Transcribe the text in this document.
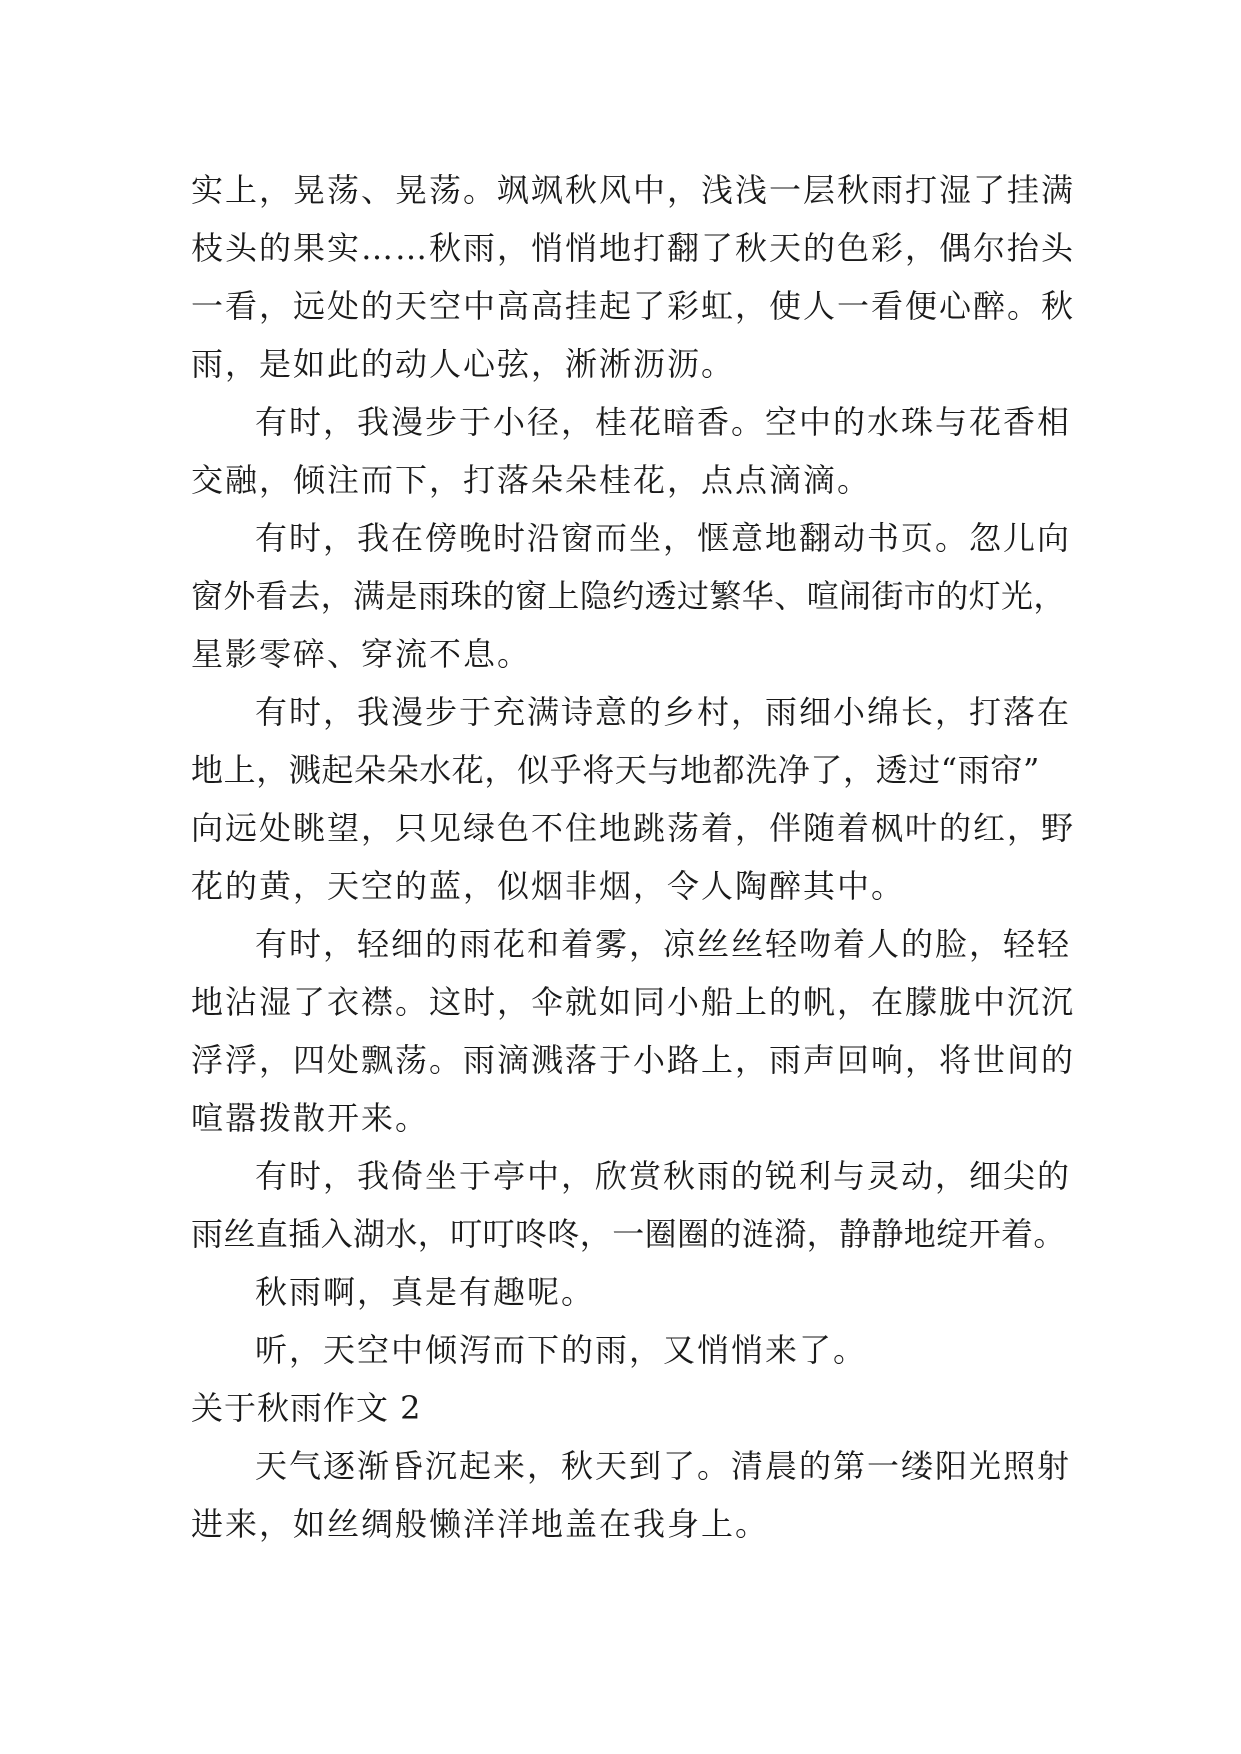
实上，晃荡、晃荡。飒飒秋风中，浅浅一层秋雨打湿了挂满
枝头的果实……秋雨，悄悄地打翻了秋天的色彩，偶尔抬头
一看，远处的天空中高高挂起了彩虹，使人一看便心醉。秋
雨，是如此的动人心弦，淅淅沥沥。
有时，我漫步于小径，桂花暗香。空中的水珠与花香相
交融，倾注而下，打落朵朵桂花，点点滴滴。
有时，我在傍晚时沿窗而坐，惬意地翻动书页。忽儿向
窗外看去，满是雨珠的窗上隐约透过繁华、喧闹街市的灯光，
星影零碎、穿流不息。
有时，我漫步于充满诗意的乡村，雨细小绵长，打落在
地上，溅起朵朵水花，似乎将天与地都洗净了，透过“雨帘”
向远处眺望，只见绿色不住地跳荡着，伴随着枫叶的红，野
花的黄，天空的蓝，似烟非烟，令人陶醉其中。
有时，轻细的雨花和着雾，凉丝丝轻吻着人的脸，轻轻
地沾湿了衣襟。这时，伞就如同小船上的帆，在朦胧中沉沉
浮浮，四处飘荡。雨滴溅落于小路上，雨声回响，将世间的
喧嚣拨散开来。
有时，我倚坐于亭中，欣赏秋雨的锐利与灵动，细尖的
雨丝直插入湖水，叮叮咚咚，一圈圈的涟漪，静静地绽开着。
秋雨啊，真是有趣呢。
听，天空中倾泻而下的雨，又悄悄来了。
关于秋雨作文 2
天气逐渐昏沉起来，秋天到了。清晨的第一缕阳光照射
进来，如丝绸般懒洋洋地盖在我身上。
